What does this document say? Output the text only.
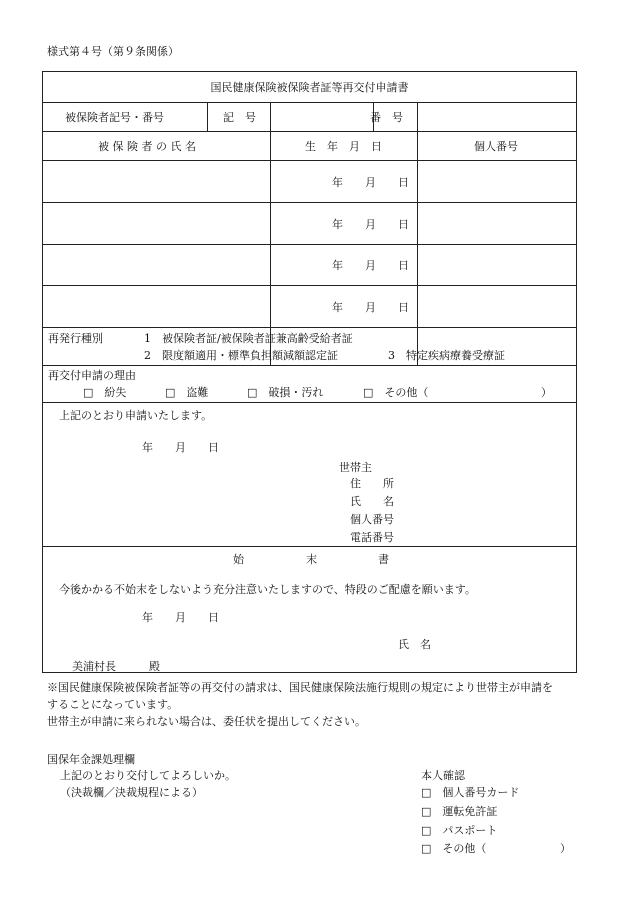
様式第４号（第９条関係）
国民健康保険被保険者証等再交付申請書
被保険者記号・番号	記　号	番　号
被 保 険 者 の 氏 名	生　年　月　日	個人番号
年　　月　　日
年　　月　　日
年　　月　　日
年　　月　　日
再発行種別	1　被保険者証/被保険者証兼高齢受給者証
2　限度額適用・標準負担額減額認定証	3　特定疾病療養受療証
再交付申請の理由
□　紛失	□　盗難	□　破損・汚れ	□　その他（	）
上記のとおり申請いたします。
年　　月　　日
世帯主
住　　所
氏　　名
個人番号
電話番号
始	末	書
今後かかる不始末をしないよう充分注意いたしますので、特段のご配慮を願います。
年　　月　　日
氏　名
美浦村長　　　殿
※国民健康保険被保険者証等の再交付の請求は、国民健康保険法施行規則の規定により世帯主が申請を
することになっています。
世帯主が申請に来られない場合は、委任状を提出してください。
国保年金課処理欄
上記のとおり交付してよろしいか。
（決裁欄／決裁規程による）
本人確認
□　個人番号カード
□　運転免許証
□　パスポート
□　その他（	）
